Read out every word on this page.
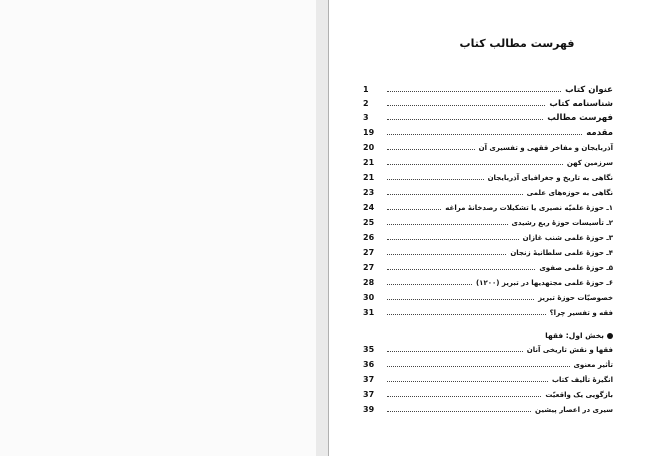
فهرست مطالب کتاب
1	عنوان کتاب
2	شناسنامه کتاب
3	فهرست مطالب
19	مقدمه
20	آذربایجان و مفاخر فقهی و تفسیری آن
21	سرزمین کهن
21	نگاهی به تاریخ و جغرافیای آذربایجان
23	نگاهی به حوزه‌های علمی
24	۱ـ حوزهٔ علمیّه نصیری یا تشکیلات رصدخانهٔ مراغه
25	۲ـ تأسیسات حوزهٔ ربع رشیدی
26	۳ـ حوزهٔ علمی شنب غازان
27	۴ـ حوزهٔ علمی سلطانیهٔ زنجان
27	۵ـ حوزهٔ علمی صفوی
28	۶ـ حوزهٔ علمی مجتهدیها در تبریز (۱۲۰۰)
30	خصوصیّات حوزهٔ تبریز
31	فقه و تفسیر چرا؟
بخش اول: فقها
35	فقها و نقش تاریخی آنان
36	تأثیر معنوی
37	انگیزهٔ تألیف کتاب
37	بازگویی یک واقعیّت
39	سیری در اعصار پیشین
